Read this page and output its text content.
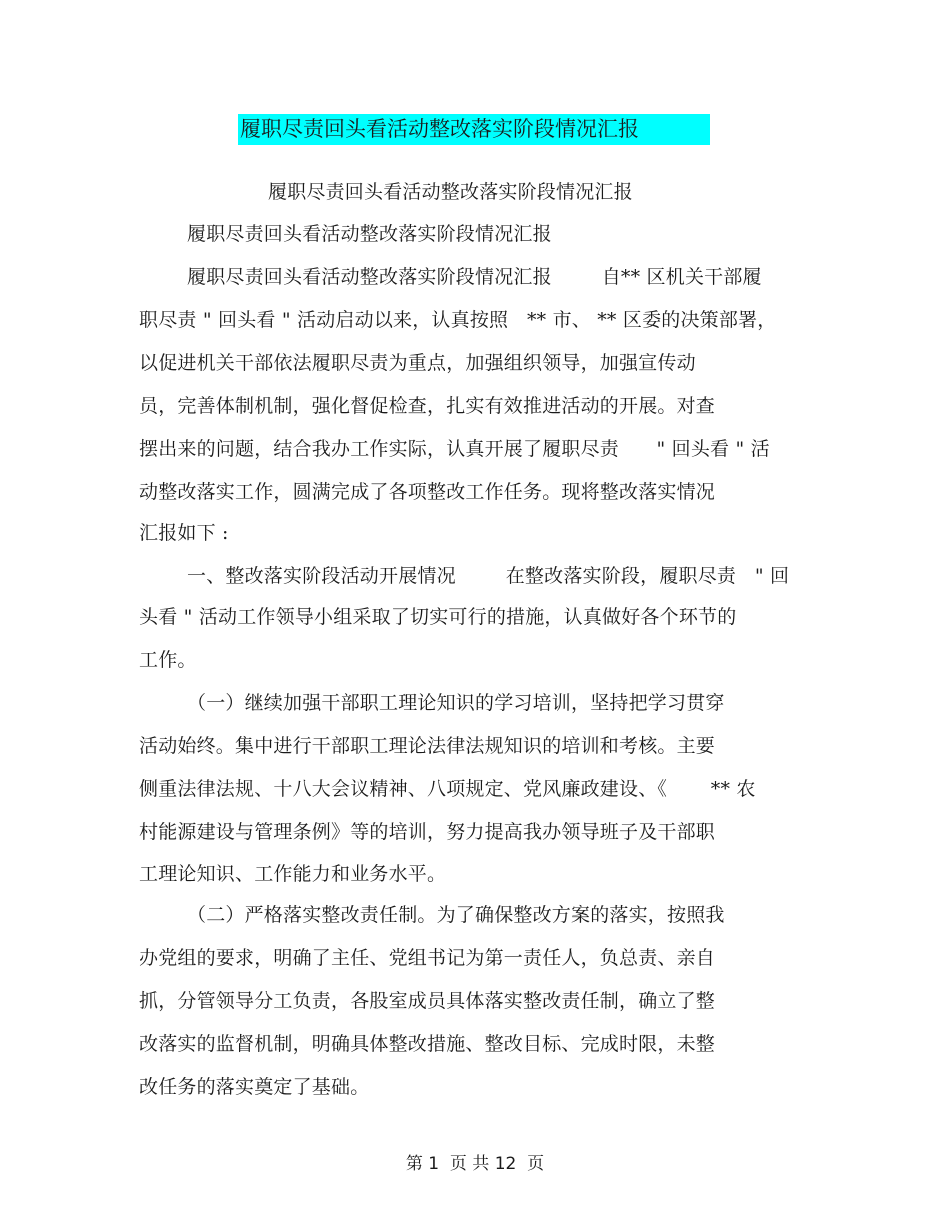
履职尽责回头看活动整改落实阶段情况汇报
履职尽责回头看活动整改落实阶段情况汇报
履职尽责回头看活动整改落实阶段情况汇报
履职尽责回头看活动整改落实阶段情况汇报        自** 区机关干部履
职尽责 " 回头看 " 活动启动以来，认真按照   ** 市、 ** 区委的决策部署，
以促进机关干部依法履职尽责为重点，加强组织领导，加强宣传动
员，完善体制机制，强化督促检查，扎实有效推进活动的开展。对查
摆出来的问题，结合我办工作实际，认真开展了履职尽责      " 回头看 " 活
动整改落实工作，圆满完成了各项整改工作任务。现将整改落实情况
汇报如下 :
一、整改落实阶段活动开展情况        在整改落实阶段，履职尽责   " 回
头看 " 活动工作领导小组采取了切实可行的措施，认真做好各个环节的
工作。
（一）继续加强干部职工理论知识的学习培训，坚持把学习贯穿
活动始终。集中进行干部职工理论法律法规知识的培训和考核。主要
侧重法律法规、十八大会议精神、八项规定、党风廉政建设、《       ** 农
村能源建设与管理条例》等的培训，努力提高我办领导班子及干部职
工理论知识、工作能力和业务水平。
（二）严格落实整改责任制。为了确保整改方案的落实，按照我
办党组的要求，明确了主任、党组书记为第一责任人，负总责、亲自
抓，分管领导分工负责，各股室成员具体落实整改责任制，确立了整
改落实的监督机制，明确具体整改措施、整改目标、完成时限，未整
改任务的落实奠定了基础。
第 1  页 共 12  页
